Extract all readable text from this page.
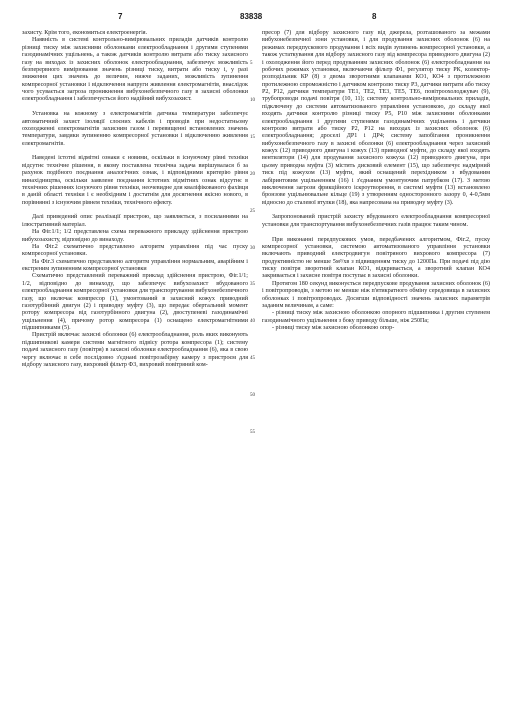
7	83838	8

захисту. Крім того, економиться електроенергія.

Наявність в системі контрольно-вимірювальних приладів датчиків контролю різниці тиску між захисними оболонками електрообладнання і другими ступенями газодинамічних ущільнень, а також датчиків контролю витрати або тиску захисного газу на виходах із захисних оболонок електрообладнання, забезпечує можливість безперервного вимірювання значень різниці тиску, витрати або тиску і, у разі зниження цих значень до величин, нижче заданих, можливість зупинення компресорної установки і відключення напруги живлення електромагнітів, внаслідок чого усувається загроза проникнення вибухонебезпечного газу в захисні оболонки електрообладнання і забезпечується його надійний вибухозахист.

Установка на кожному з електромагнітів датчика температури забезпечує автоматичний захист ізоляції слоєних кабелів і проводів при недостатньому охолодженні електромагнітів захисним газом і перевищенні встановлених значень температури, завдяки зупиненню компресорної установки і відключенню живлення електромагнітів.

Наведені істотні відмітні ознаки є новими, оскільки в існуючому рівні техніки відсутнє технічне рішення, в якому поставлена технічна задача вирішувалася б за рахунок подібного поєднання аналогічних ознак, і відповідними критерію рівня винахідництва, оскільки заявлене поєднання істотних відмітних ознак відсутнє в технічних рішеннях існуючого рівня техніки, неочевидне для кваліфікованого фахівця в даній області техніки і є необхідним і достатнім для досягнення якісно нового, в порівнянні з існуючим рівнем техніки, технічного ефекту.

Далі приведений опис реалізації пристрою, що заявляється, з посиланнями на ілюстративний матеріал.

На Фіг.1/1; 1/2 представлена схема переважного прикладу здійснення пристрою вибухозахисту, відповідно до винаходу.

На Фіг.2 схематично представлено алгоритм управління під час пуску компресорної установки.

На Фіг.3 схематично представлено алгоритм управління нормальним, аварійним і екстреним зупиненням компресорної установки

Схематично представлений переважний приклад здійснення пристрою, Фіг.1/1; 1/2, відповідно до винаходу, що забезпечує вибухозахист вбудованого електрообладнання компресорної установки для транспортування вибухонебезпечного газу, що включає компресор (1), умонтований в захисний кожух приводний газотурбінний двигун (2) і приводну муфту (3), що передає обертальний момент ротору компресора від газотурбінного двигуна (2), двоступеневі газодинамічні ущільнення (4), причому ротор компресора (1) оснащено електромагнітними підшипниками (5).

Пристрій включає захисні оболонки (6) електрообладнання, роль яких виконують підшипникові камери системи магнітного підвісу ротора компресора (1); систему подачі захисного газу (повітря) в захисні оболонки електрообладнання (6), яка в свою чергу включає в себе послідовно з'єднані повітрозабірну камеру з пристроєм для відбору захисного газу, вихровий фільтр Ф3, вихровий повітряний ком-

5
10
15
20
25
30
35
40
45
50
55

пресор (7) для відбору захисного газу від джерела, розташованого за межами вибухонебезпечної зони установки, і для продування захисних оболонок (6) на режимах передпускового продування і всіх видів зупинень компресорної установки, а також устаткування для відбору захисного газу від компресора приводного двигуна (2) і охолодження його перед продуванням захисних оболонок (6) електрообладнання на робочих режимах установки, включаючи фільтр Ф1, регулятор тиску РК, колектор-розподільник КР (8) з двома зворотними клапанами КО1, КО4 з протилежною протилежною спроможністю і датчиком контролю тиску Р3, датчики витрати або тиску Р2, Р12, датчики температури ТЕ1, ТЕ2, ТЕ3, ТЕ5, ТЕ6, повітроохолоджувач (9), трубопроводи подачі повітря (10, 11); систему контрольно-вимірювальних приладів, підключену до системи автоматизованого управління установкою, до складу якої входять датчики контролю різниці тиску Р5, Р10 між захисними оболонками електрообладнання і другими ступенями газодинамічних ущільнень і датчики контролю витрати або тиску Р2, Р12 на виходах із захисних оболонок (6) електрообладнання; дроселі ДР1 і ДР4; систему запобігання проникнення вибухонебезпечного газу в захисні оболонки (6) електрообладнання через захисний кожух (12) приводного двигуна і кожух (13) приводної муфти, до складу якої входять вентилятори (14) для продування захисного кожуха (12) приводного двигуна, при цьому приводна муфта (3) містить дисковий елемент (15), що забезпечує надмірний тиск під кожухом (13) муфти, який оснащений перехідником з вбудованим лабіринтовим ущільненням (16) і з'єднаним умонтуючим патрубком (17). З метою виключення загрози фрикційного іскроутворення, в системі муфти (13) встановлено бронзове ущільнювальне кільце (19) з утворенням односторонного зазору 0, 4-0,5мм відносно до сталевої втулки (18), яка напресована на приводну муфту (3).

Запропонований пристрій захисту вбудованого електрообладнання компресорної установки для транспортування вибухонебезпечних газів працює таким чином.

При виконанні передпускових умов, передбачених алгоритмом, Фіг.2, пуску компресорної установки, системою автоматизованого управління установки включають приводний електродвигун повітряного вихрового компресора (7) продуктивністю не менше 5м³/хв з підвищенням тиску до 1200Па. При подачі під дію тиску повітря зворотний клапан КО1, відкривається, а зворотний клапан КО4 закривається і захисне повітря поступає в захисні оболонки.

Протягом 180 секунд виконується передпускове продування захисних оболонок (6) і повітропроводів, з метою не менше ніж п'ятикратного обміну середовища в захисних оболонках і повітропроводах. Досягши відповідності значень захисних параметрів заданим величинам, а саме:

- різниці тиску між захисною оболонкою опорного підшипника і другим ступенем газодинамічного ущільнення з боку приводу більше, ніж 250Па;

- різниці тиску між захисною оболонкою опор-
